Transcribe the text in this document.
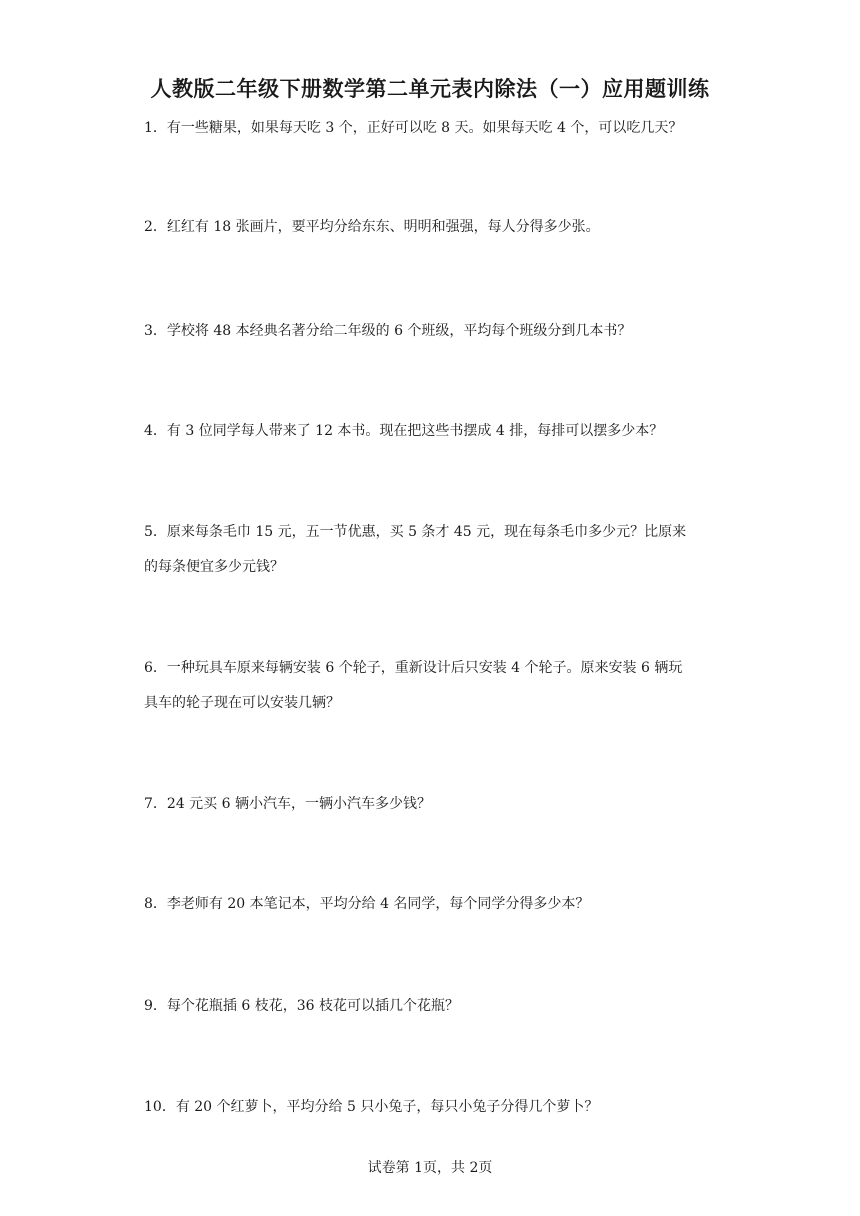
人教版二年级下册数学第二单元表内除法（一）应用题训练

1．有一些糖果，如果每天吃 3 个，正好可以吃 8 天。如果每天吃 4 个，可以吃几天？

2．红红有 18 张画片，要平均分给东东、明明和强强，每人分得多少张。

3．学校将 48 本经典名著分给二年级的 6 个班级，平均每个班级分到几本书？

4．有 3 位同学每人带来了 12 本书。现在把这些书摆成 4 排，每排可以摆多少本？

5．原来每条毛巾 15 元，五一节优惠，买 5 条才 45 元，现在每条毛巾多少元？比原来
的每条便宜多少元钱？

6．一种玩具车原来每辆安装 6 个轮子，重新设计后只安装 4 个轮子。原来安装 6 辆玩
具车的轮子现在可以安装几辆？

7．24 元买 6 辆小汽车，一辆小汽车多少钱？

8．李老师有 20 本笔记本，平均分给 4 名同学，每个同学分得多少本？

9．每个花瓶插 6 枝花，36 枝花可以插几个花瓶？

10．有 20 个红萝卜，平均分给 5 只小兔子，每只小兔子分得几个萝卜？

试卷第 1页，共 2页
